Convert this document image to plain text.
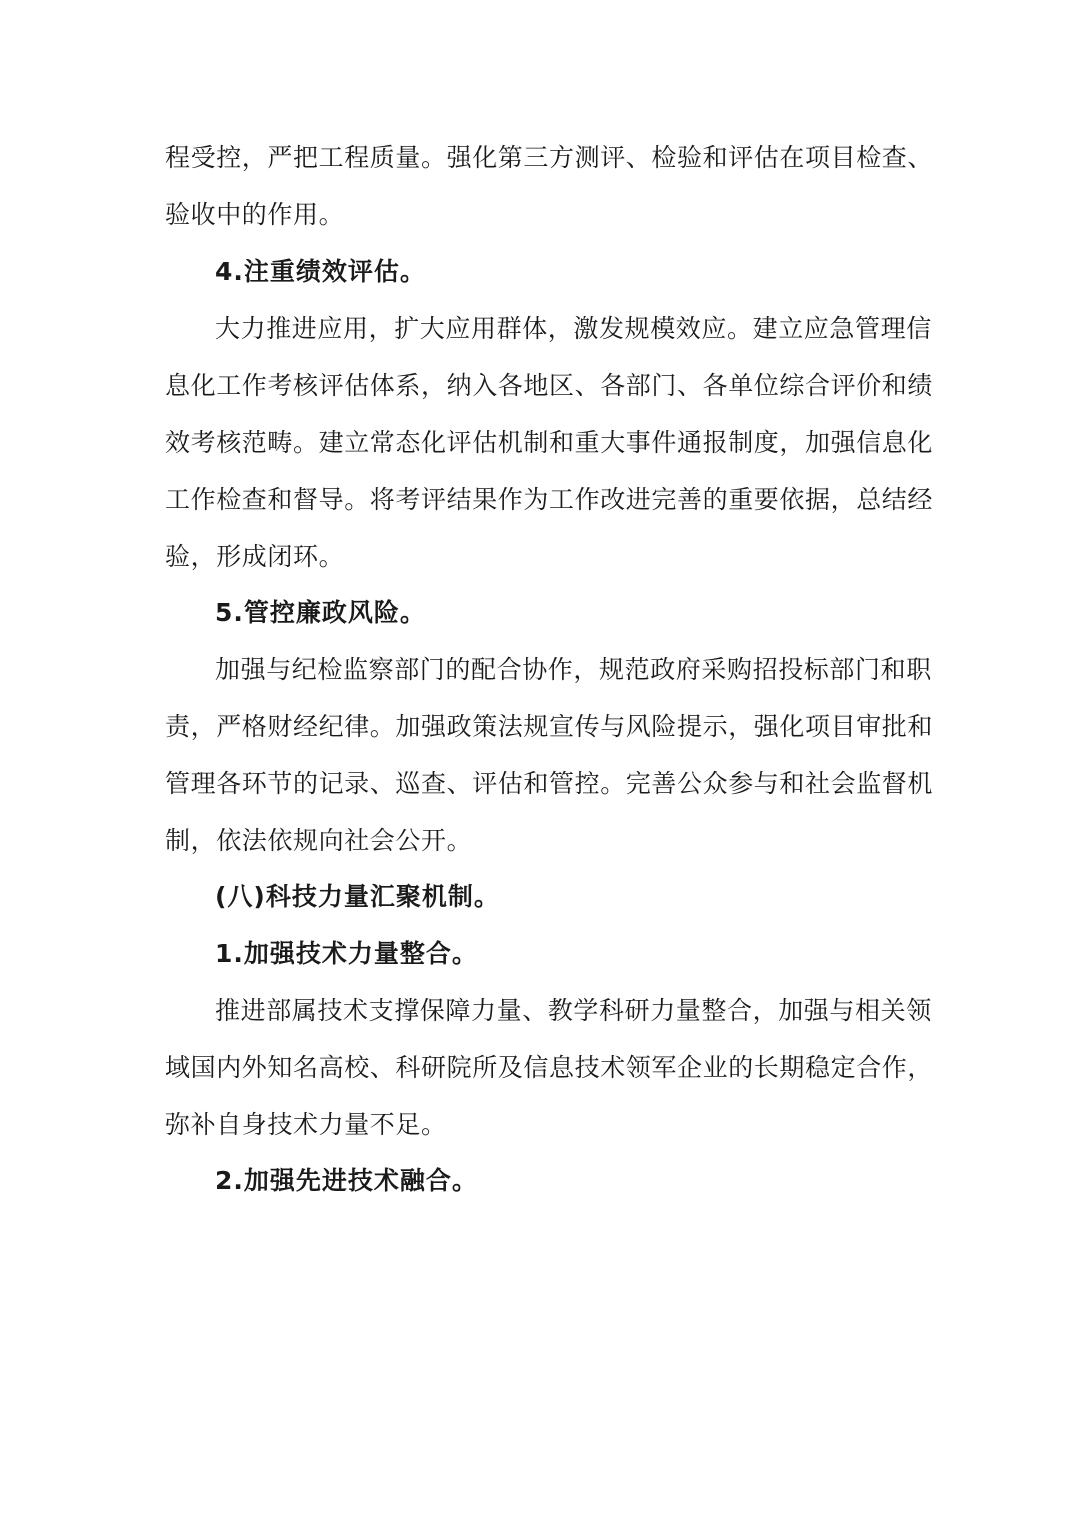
程受控，严把工程质量。强化第三方测评、检验和评估在项目检查、
验收中的作用。
4.注重绩效评估。
大力推进应用，扩大应用群体，激发规模效应。建立应急管理信
息化工作考核评估体系，纳入各地区、各部门、各单位综合评价和绩
效考核范畴。建立常态化评估机制和重大事件通报制度，加强信息化
工作检查和督导。将考评结果作为工作改进完善的重要依据，总结经
验，形成闭环。
5.管控廉政风险。
加强与纪检监察部门的配合协作，规范政府采购招投标部门和职
责，严格财经纪律。加强政策法规宣传与风险提示，强化项目审批和
管理各环节的记录、巡查、评估和管控。完善公众参与和社会监督机
制，依法依规向社会公开。
(八)科技力量汇聚机制。
1.加强技术力量整合。
推进部属技术支撑保障力量、教学科研力量整合，加强与相关领
域国内外知名高校、科研院所及信息技术领军企业的长期稳定合作，
弥补自身技术力量不足。
2.加强先进技术融合。
